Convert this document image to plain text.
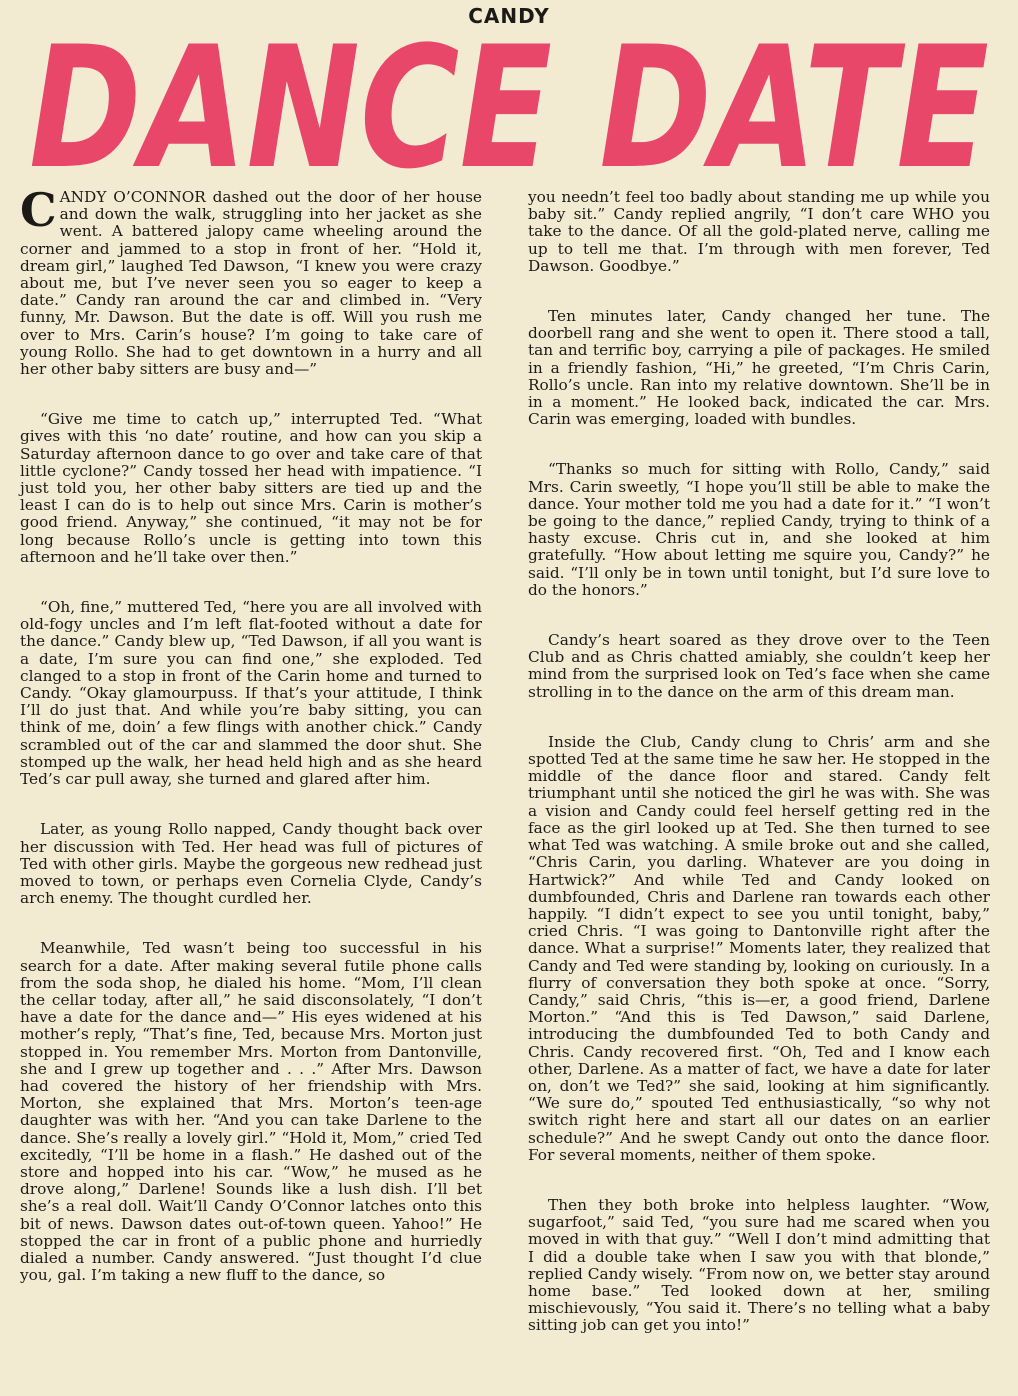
CANDY
DANCE DATE

CANDY O’CONNOR dashed out the door of her house and down the walk, struggling into her jacket as she went. A battered jalopy came wheeling around the corner and jammed to a stop in front of her. “Hold it, dream girl,” laughed Ted Dawson, “I knew you were crazy about me, but I’ve never seen you so eager to keep a date.” Candy ran around the car and climbed in. “Very funny, Mr. Dawson. But the date is off. Will you rush me over to Mrs. Carin’s house? I’m going to take care of young Rollo. She had to get downtown in a hurry and all her other baby sitters are busy and—”

“Give me time to catch up,” interrupted Ted. “What gives with this ‘no date’ routine, and how can you skip a Saturday afternoon dance to go over and take care of that little cyclone?” Candy tossed her head with impatience. “I just told you, her other baby sitters are tied up and the least I can do is to help out since Mrs. Carin is mother’s good friend. Anyway,” she continued, “it may not be for long because Rollo’s uncle is getting into town this afternoon and he’ll take over then.”

“Oh, fine,” muttered Ted, “here you are all involved with old-fogy uncles and I’m left flat-footed without a date for the dance.” Candy blew up, “Ted Dawson, if all you want is a date, I’m sure you can find one,” she exploded. Ted clanged to a stop in front of the Carin home and turned to Candy. “Okay glamourpuss. If that’s your attitude, I think I’ll do just that. And while you’re baby sitting, you can think of me, doin’ a few flings with another chick.” Candy scrambled out of the car and slammed the door shut. She stomped up the walk, her head held high and as she heard Ted’s car pull away, she turned and glared after him.

Later, as young Rollo napped, Candy thought back over her discussion with Ted. Her head was full of pictures of Ted with other girls. Maybe the gorgeous new redhead just moved to town, or perhaps even Cornelia Clyde, Candy’s arch enemy. The thought curdled her.

Meanwhile, Ted wasn’t being too successful in his search for a date. After making several futile phone calls from the soda shop, he dialed his home. “Mom, I’ll clean the cellar today, after all,” he said disconsolately, “I don’t have a date for the dance and—” His eyes widened at his mother’s reply, “That’s fine, Ted, because Mrs. Morton just stopped in. You remember Mrs. Morton from Dantonville, she and I grew up together and . . .” After Mrs. Dawson had covered the history of her friendship with Mrs. Morton, she explained that Mrs. Morton’s teen-age daughter was with her. “And you can take Darlene to the dance. She’s really a lovely girl.” “Hold it, Mom,” cried Ted excitedly, “I’ll be home in a flash.” He dashed out of the store and hopped into his car. “Wow,” he mused as he drove along,” Darlene! Sounds like a lush dish. I’ll bet she’s a real doll. Wait’ll Candy O’Connor latches onto this bit of news. Dawson dates out-of-town queen. Yahoo!” He stopped the car in front of a public phone and hurriedly dialed a number. Candy answered. “Just thought I’d clue you, gal. I’m taking a new fluff to the dance, so

you needn’t feel too badly about standing me up while you baby sit.” Candy replied angrily, “I don’t care WHO you take to the dance. Of all the gold-plated nerve, calling me up to tell me that. I’m through with men forever, Ted Dawson. Goodbye.”

Ten minutes later, Candy changed her tune. The doorbell rang and she went to open it. There stood a tall, tan and terrific boy, carrying a pile of packages. He smiled in a friendly fashion, “Hi,” he greeted, “I’m Chris Carin, Rollo’s uncle. Ran into my relative downtown. She’ll be in in a moment.” He looked back, indicated the car. Mrs. Carin was emerging, loaded with bundles.

“Thanks so much for sitting with Rollo, Candy,” said Mrs. Carin sweetly, “I hope you’ll still be able to make the dance. Your mother told me you had a date for it.” “I won’t be going to the dance,” replied Candy, trying to think of a hasty excuse. Chris cut in, and she looked at him gratefully. “How about letting me squire you, Candy?” he said. “I’ll only be in town until tonight, but I’d sure love to do the honors.”

Candy’s heart soared as they drove over to the Teen Club and as Chris chatted amiably, she couldn’t keep her mind from the surprised look on Ted’s face when she came strolling in to the dance on the arm of this dream man.

Inside the Club, Candy clung to Chris’ arm and she spotted Ted at the same time he saw her. He stopped in the middle of the dance floor and stared. Candy felt triumphant until she noticed the girl he was with. She was a vision and Candy could feel herself getting red in the face as the girl looked up at Ted. She then turned to see what Ted was watching. A smile broke out and she called, “Chris Carin, you darling. Whatever are you doing in Hartwick?” And while Ted and Candy looked on dumbfounded, Chris and Darlene ran towards each other happily. “I didn’t expect to see you until tonight, baby,” cried Chris. “I was going to Dantonville right after the dance. What a surprise!” Moments later, they realized that Candy and Ted were standing by, looking on curiously. In a flurry of conversation they both spoke at once. “Sorry, Candy,” said Chris, “this is—er, a good friend, Darlene Morton.” “And this is Ted Dawson,” said Darlene, introducing the dumbfounded Ted to both Candy and Chris. Candy recovered first. “Oh, Ted and I know each other, Darlene. As a matter of fact, we have a date for later on, don’t we Ted?” she said, looking at him significantly. “We sure do,” spouted Ted enthusiastically, “so why not switch right here and start all our dates on an earlier schedule?” And he swept Candy out onto the dance floor. For several moments, neither of them spoke.

Then they both broke into helpless laughter. “Wow, sugarfoot,” said Ted, “you sure had me scared when you moved in with that guy.” “Well I don’t mind admitting that I did a double take when I saw you with that blonde,” replied Candy wisely. “From now on, we better stay around home base.” Ted looked down at her, smiling mischievously, “You said it. There’s no telling what a baby sitting job can get you into!”
